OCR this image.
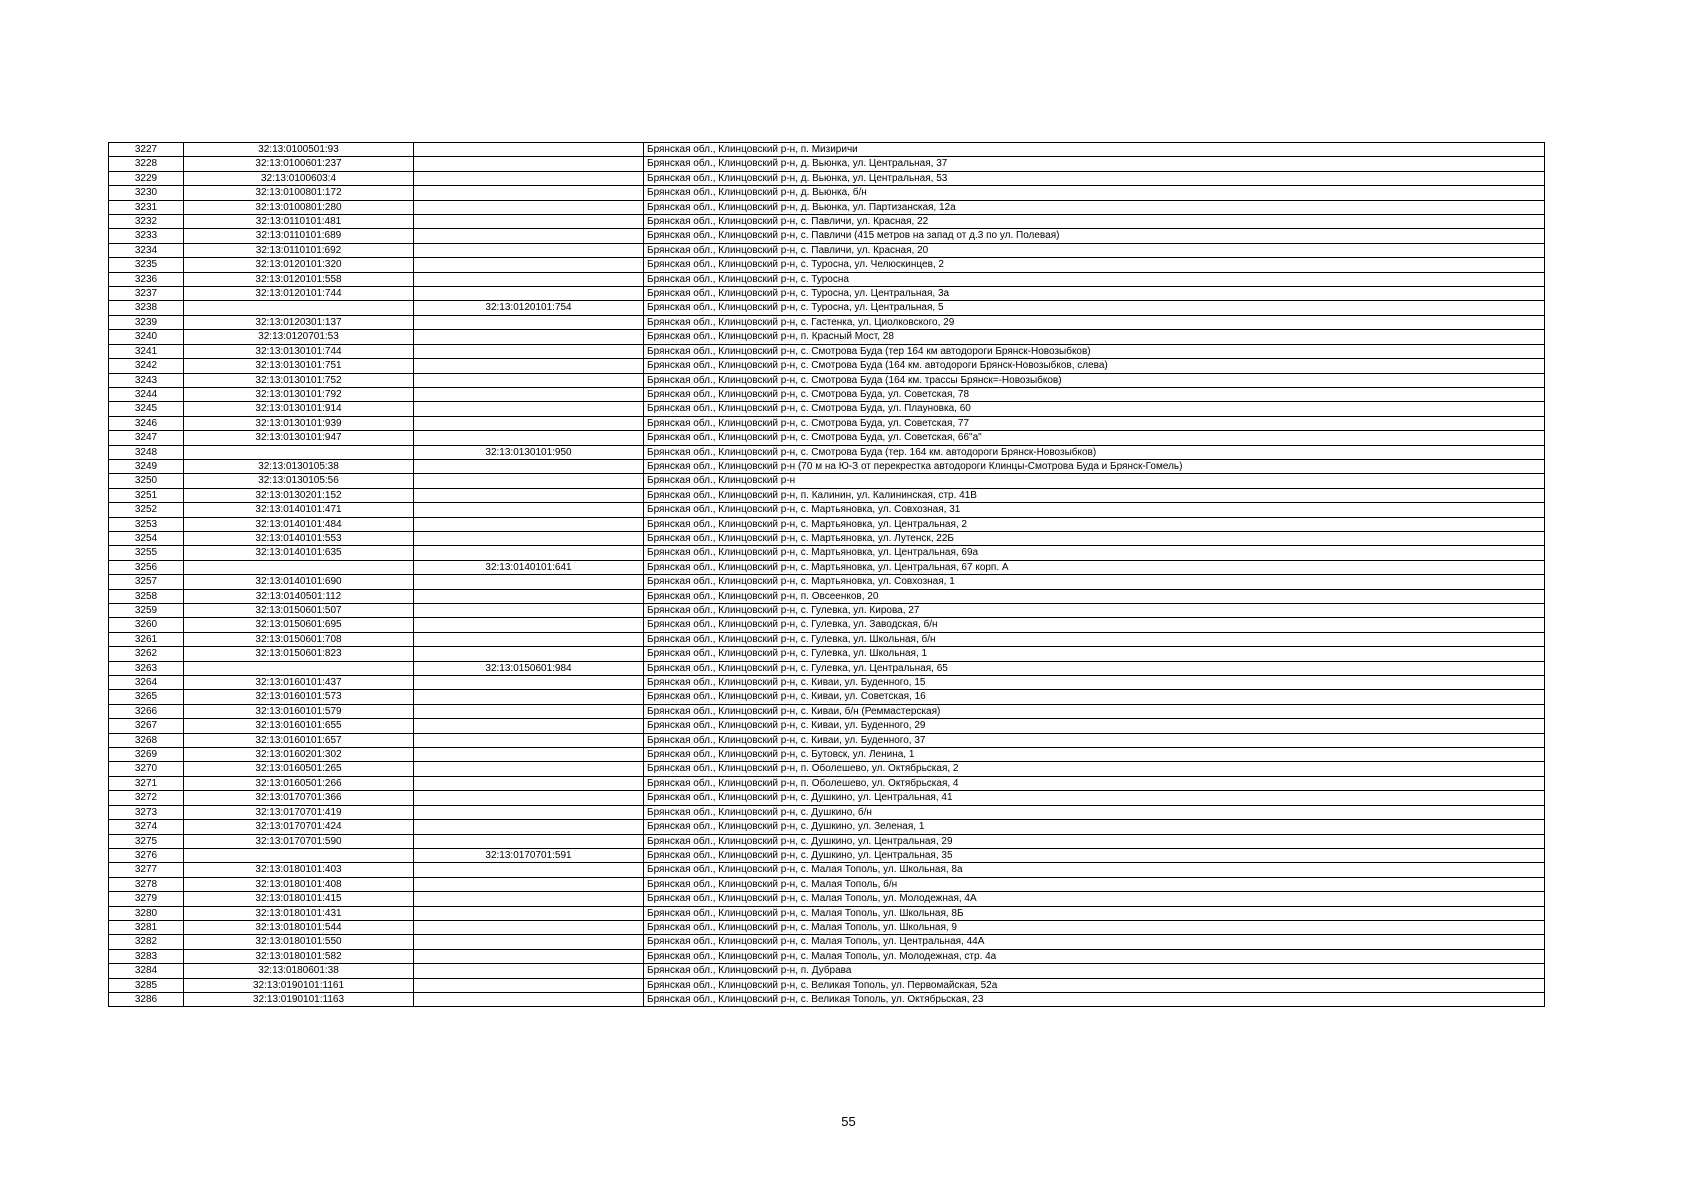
3227	32:13:0100501:93		Брянская обл., Клинцовский р-н, п. Мизиричи
3228	32:13:0100601:237		Брянская обл., Клинцовский р-н, д. Вьюнка, ул. Центральная, 37
3229	32:13:0100603:4		Брянская обл., Клинцовский р-н, д. Вьюнка, ул. Центральная, 53
3230	32:13:0100801:172		Брянская обл., Клинцовский р-н, д. Вьюнка, б/н
3231	32:13:0100801:280		Брянская обл., Клинцовский р-н, д. Вьюнка, ул. Партизанская, 12а
3232	32:13:0110101:481		Брянская обл., Клинцовский р-н, с. Павличи, ул. Красная, 22
3233	32:13:0110101:689		Брянская обл., Клинцовский р-н, с. Павличи (415 метров на запад от д.3 по ул. Полевая)
3234	32:13:0110101:692		Брянская обл., Клинцовский р-н, с. Павличи, ул. Красная, 20
3235	32:13:0120101:320		Брянская обл., Клинцовский р-н, с. Туросна, ул. Челюскинцев, 2
3236	32:13:0120101:558		Брянская обл., Клинцовский р-н, с. Туросна
3237	32:13:0120101:744		Брянская обл., Клинцовский р-н, с. Туросна, ул. Центральная, 3а
3238		32:13:0120101:754	Брянская обл., Клинцовский р-н, с. Туросна, ул. Центральная, 5
3239	32:13:0120301:137		Брянская обл., Клинцовский р-н, с. Гастенка, ул. Циолковского, 29
3240	32:13:0120701:53		Брянская обл., Клинцовский р-н, п. Красный Мост, 28
3241	32:13:0130101:744		Брянская обл., Клинцовский р-н, с. Смотрова Буда (тер 164 км автодороги Брянск-Новозыбков)
3242	32:13:0130101:751		Брянская обл., Клинцовский р-н, с. Смотрова Буда (164 км. автодороги Брянск-Новозыбков, слева)
3243	32:13:0130101:752		Брянская обл., Клинцовский р-н, с. Смотрова Буда (164 км. трассы Брянск=-Новозыбков)
3244	32:13:0130101:792		Брянская обл., Клинцовский р-н, с. Смотрова Буда, ул. Советская, 78
3245	32:13:0130101:914		Брянская обл., Клинцовский р-н, с. Смотрова Буда, ул. Плауновка, 60
3246	32:13:0130101:939		Брянская обл., Клинцовский р-н, с. Смотрова Буда, ул. Советская, 77
3247	32:13:0130101:947		Брянская обл., Клинцовский р-н, с. Смотрова Буда, ул. Советская, 66"а"
3248		32:13:0130101:950	Брянская обл., Клинцовский р-н, с. Смотрова Буда (тер. 164 км. автодороги Брянск-Новозыбков)
3249	32:13:0130105:38		Брянская обл., Клинцовский р-н (70 м на Ю-З от перекрестка автодороги Клинцы-Смотрова Буда и Брянск-Гомель)
3250	32:13:0130105:56		Брянская обл., Клинцовский р-н
3251	32:13:0130201:152		Брянская обл., Клинцовский р-н, п. Калинин, ул. Калининская, стр. 41В
3252	32:13:0140101:471		Брянская обл., Клинцовский р-н, с. Мартьяновка, ул. Совхозная, 31
3253	32:13:0140101:484		Брянская обл., Клинцовский р-н, с. Мартьяновка, ул. Центральная, 2
3254	32:13:0140101:553		Брянская обл., Клинцовский р-н, с. Мартьяновка, ул. Лутенск, 22Б
3255	32:13:0140101:635		Брянская обл., Клинцовский р-н, с. Мартьяновка, ул. Центральная, 69а
3256		32:13:0140101:641	Брянская обл., Клинцовский р-н, с. Мартьяновка, ул. Центральная, 67 корп. А
3257	32:13:0140101:690		Брянская обл., Клинцовский р-н, с. Мартьяновка, ул. Совхозная, 1
3258	32:13:0140501:112		Брянская обл., Клинцовский р-н, п. Овсеенков, 20
3259	32:13:0150601:507		Брянская обл., Клинцовский р-н, с. Гулевка, ул. Кирова, 27
3260	32:13:0150601:695		Брянская обл., Клинцовский р-н, с. Гулевка, ул. Заводская, б/н
3261	32:13:0150601:708		Брянская обл., Клинцовский р-н, с. Гулевка, ул. Школьная, б/н
3262	32:13:0150601:823		Брянская обл., Клинцовский р-н, с. Гулевка, ул. Школьная, 1
3263		32:13:0150601:984	Брянская обл., Клинцовский р-н, с. Гулевка, ул. Центральная, 65
3264	32:13:0160101:437		Брянская обл., Клинцовский р-н, с. Киваи, ул. Буденного, 15
3265	32:13:0160101:573		Брянская обл., Клинцовский р-н, с. Киваи, ул. Советская, 16
3266	32:13:0160101:579		Брянская обл., Клинцовский р-н, с. Киваи, б/н (Реммастерская)
3267	32:13:0160101:655		Брянская обл., Клинцовский р-н, с. Киваи, ул. Буденного, 29
3268	32:13:0160101:657		Брянская обл., Клинцовский р-н, с. Киваи, ул. Буденного, 37
3269	32:13:0160201:302		Брянская обл., Клинцовский р-н, с. Бутовск, ул. Ленина, 1
3270	32:13:0160501:265		Брянская обл., Клинцовский р-н, п. Оболешево, ул. Октябрьская, 2
3271	32:13:0160501:266		Брянская обл., Клинцовский р-н, п. Оболешево, ул. Октябрьская, 4
3272	32:13:0170701:366		Брянская обл., Клинцовский р-н, с. Душкино, ул. Центральная, 41
3273	32:13:0170701:419		Брянская обл., Клинцовский р-н, с. Душкино, б/н
3274	32:13:0170701:424		Брянская обл., Клинцовский р-н, с. Душкино, ул. Зеленая, 1
3275	32:13:0170701:590		Брянская обл., Клинцовский р-н, с. Душкино, ул. Центральная, 29
3276		32:13:0170701:591	Брянская обл., Клинцовский р-н, с. Душкино, ул. Центральная, 35
3277	32:13:0180101:403		Брянская обл., Клинцовский р-н, с. Малая Тополь, ул. Школьная, 8а
3278	32:13:0180101:408		Брянская обл., Клинцовский р-н, с. Малая Тополь, б/н
3279	32:13:0180101:415		Брянская обл., Клинцовский р-н, с. Малая Тополь, ул. Молодежная, 4А
3280	32:13:0180101:431		Брянская обл., Клинцовский р-н, с. Малая Тополь, ул. Школьная, 8Б
3281	32:13:0180101:544		Брянская обл., Клинцовский р-н, с. Малая Тополь, ул. Школьная, 9
3282	32:13:0180101:550		Брянская обл., Клинцовский р-н, с. Малая Тополь, ул. Центральная, 44А
3283	32:13:0180101:582		Брянская обл., Клинцовский р-н, с. Малая Тополь, ул. Молодежная, стр. 4а
3284	32:13:0180601:38		Брянская обл., Клинцовский р-н, п. Дубрава
3285	32:13:0190101:1161		Брянская обл., Клинцовский р-н, с. Великая Тополь, ул. Первомайская, 52а
3286	32:13:0190101:1163		Брянская обл., Клинцовский р-н, с. Великая Тополь, ул. Октябрьская, 23
55
